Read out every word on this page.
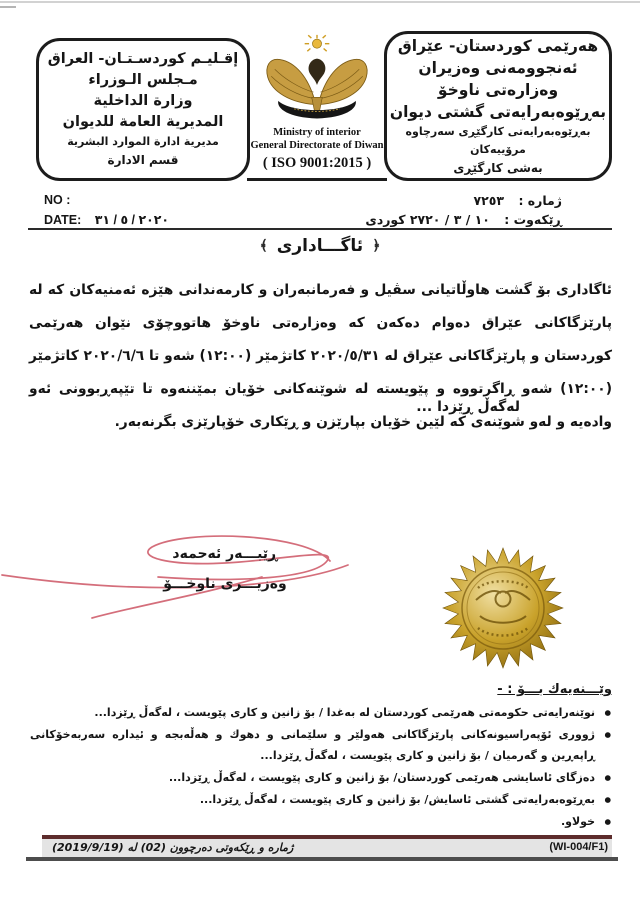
إقـليـم كوردسـتـان- العراق
مـجلس الـوزراء
وزارة الداخلية
المديرية العامة للديوان
مديرية ادارة الموارد البشرية
قسم الادارة
هەرێمی کوردستان- عێراق
ئەنجوومەنی وەزیران
وەزارەتی ناوخۆ
بەڕێوەبەرایەتی گشتی دیوان
بەڕێوەبەرایەتی کارگێڕی سەرچاوە مرۆییەکان
بەشی کارگێڕی
Ministry of interior
General Directorate of Diwan
( ISO 9001:2015 )
NO :
DATE: ٢٠٢٠ / ٥ / ٣١
ژماره : ٧٢٥٣
ڕێکەوت : ١٠ / ٣ / ٢٧٢٠ کوردی
﴾ ئاگـــاداری ﴿
ئاگاداری بۆ گشت هاوڵاتیانی سڤیل و فەرمانبەران و کارمەندانی هێزە ئەمنیەکان کە لە پارێزگاکانی عێراق دەوام دەکەن کە وەزارەتی ناوخۆ هاتووچۆی نێوان هەرێمی کوردستان و پارێزگاکانی عێراق لە ٢٠٢٠/٥/٣١ کاتژمێر (١٢:٠٠) شەو تا ٢٠٢٠/٦/٦ کاتژمێر (١٢:٠٠) شەو ڕاگرتووە و پێویستە لە شوێنەکانی خۆیان بمێننەوە تا تێپەڕبوونی ئەو وادەیە و لەو شوێنەی کە لێین خۆیان بپارێزن و ڕێکاری خۆپارێزی بگرنەبەر.
لەگەڵ ڕێزدا ...
ڕێبـــەر ئەحمەد
وەزیـــری ناوخـــۆ
وێـــنەیەك بـــۆ : -
● نوێنەرایەتی حکومەتی هەرێمی کوردستان لە بەغدا / بۆ زانین و کاری پێویست ، لەگەڵ ڕێزدا...
● ژووری ئۆپەراسیونەکانی پارێزگاکانی هەولێر و سلێمانی و دهوك و هەڵەبجە و ئیدارە سەربەخۆکانی ڕاپەڕین و گەرمیان / بۆ زانین و کاری پێویست ، لەگەڵ ڕێزدا...
● دەزگای ئاسایشی هەرێمی کوردستان/ بۆ زانین و کاری پێویست ، لەگەڵ ڕێزدا...
● بەڕێوەبەرایەتی گشتی ئاسایش/ بۆ زانین و کاری پێویست ، لەگەڵ ڕێزدا...
● خولاو.
ژماره و ڕێکەوتی دەرچوون (02) لە (2019/9/19)	(WI-004/F1)
